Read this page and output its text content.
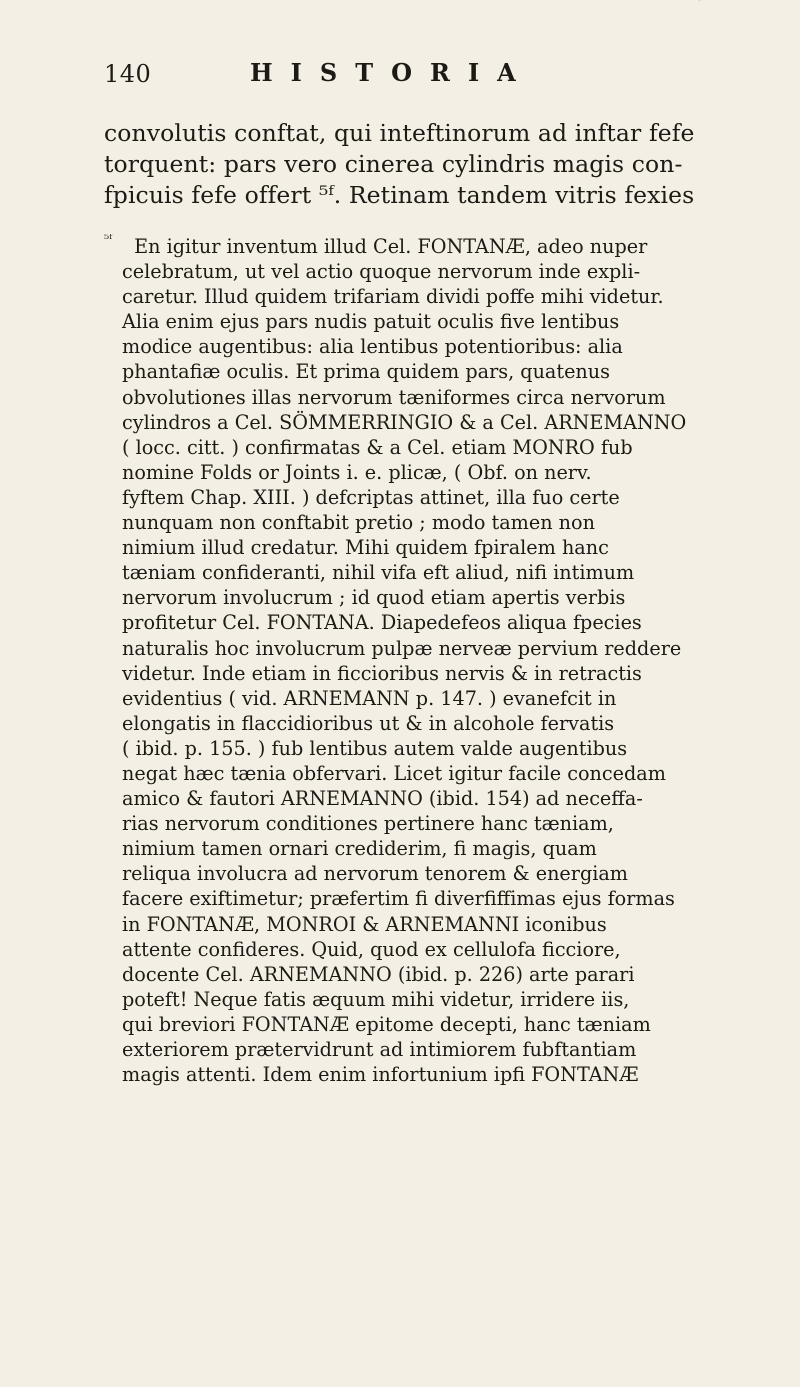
140	HISTORIA
convolutis conftat, qui inteftinorum ad inftar fefe
torquent: pars vero cinerea cylindris magis con-
fpicuis fefe offert ⁵ᶠ. Retinam tandem vitris fexies
⁵ᶠ En igitur inventum illud Cel. FONTANÆ, adeo nuper
celebratum, ut vel actio quoque nervorum inde expli-
caretur. Illud quidem trifariam dividi poffe mihi videtur.
Alia enim ejus pars nudis patuit oculis five lentibus
modice augentibus: alia lentibus potentioribus: alia
phantafiæ oculis. Et prima quidem pars, quatenus
obvolutiones illas nervorum tæniformes circa nervorum
cylindros a Cel. SÖMMERRINGIO & a Cel. ARNEMANNO
( locc. citt. ) confirmatas & a Cel. etiam MONRO fub
nomine Folds or Joints i. e. plicæ, ( Obf. on nerv.
fyftem Chap. XIII. ) defcriptas attinet, illa fuo certe
nunquam non conftabit pretio ; modo tamen non
nimium illud credatur. Mihi quidem fpiralem hanc
tæniam confideranti, nihil vifa eft aliud, nifi intimum
nervorum involucrum ; id quod etiam apertis verbis
profitetur Cel. FONTANA. Diapedefeos aliqua fpecies
naturalis hoc involucrum pulpæ nerveæ pervium reddere
videtur. Inde etiam in ficcioribus nervis & in retractis
evidentius ( vid. ARNEMANN p. 147. ) evanefcit in
elongatis in flaccidioribus ut & in alcohole fervatis
( ibid. p. 155. ) fub lentibus autem valde augentibus
negat hæc tænia obfervari. Licet igitur facile concedam
amico & fautori ARNEMANNO (ibid. 154) ad neceffa-
rias nervorum conditiones pertinere hanc tæniam,
nimium tamen ornari crediderim, fi magis, quam
reliqua involucra ad nervorum tenorem & energiam
facere exiftimetur; præfertim fi diverfiffimas ejus formas
in FONTANÆ, MONROI & ARNEMANNI iconibus
attente confideres. Quid, quod ex cellulofa ficciore,
docente Cel. ARNEMANNO (ibid. p. 226) arte parari
poteft! Neque fatis æquum mihi videtur, irridere iis,
qui breviori FONTANÆ epitome decepti, hanc tæniam
exteriorem prætervidrunt ad intimiorem fubftantiam
magis attenti. Idem enim infortunium ipfi FONTANÆ
